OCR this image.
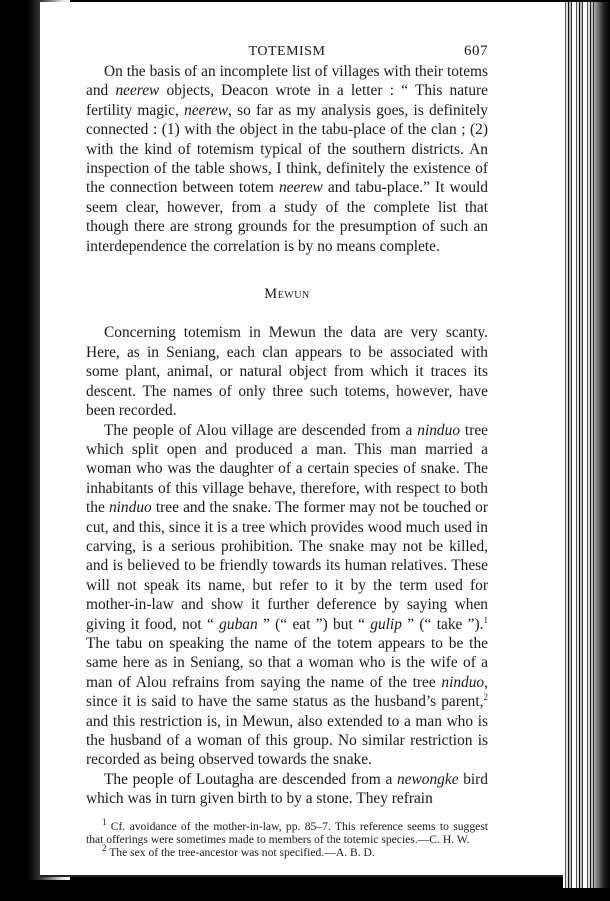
TOTEMISM	607

On the basis of an incomplete list of villages with their totems and neerew objects, Deacon wrote in a letter : “ This nature fertility magic, neerew, so far as my analysis goes, is definitely connected : (1) with the object in the tabu-place of the clan ; (2) with the kind of totemism typical of the southern districts. An inspection of the table shows, I think, definitely the existence of the connection between totem neerew and tabu-place.” It would seem clear, however, from a study of the complete list that though there are strong grounds for the presumption of such an interdependence the correlation is by no means complete.

Mewun

Concerning totemism in Mewun the data are very scanty. Here, as in Seniang, each clan appears to be associated with some plant, animal, or natural object from which it traces its descent. The names of only three such totems, however, have been recorded.

The people of Alou village are descended from a ninduo tree which split open and produced a man. This man married a woman who was the daughter of a certain species of snake. The inhabitants of this village behave, therefore, with respect to both the ninduo tree and the snake. The former may not be touched or cut, and this, since it is a tree which provides wood much used in carving, is a serious prohibition. The snake may not be killed, and is believed to be friendly towards its human relatives. These will not speak its name, but refer to it by the term used for mother-in-law and show it further deference by saying when giving it food, not “ guban ” (“ eat ”) but “ gulip ” (“ take ”).$^1$ The tabu on speaking the name of the totem appears to be the same here as in Seniang, so that a woman who is the wife of a man of Alou refrains from saying the name of the tree ninduo, since it is said to have the same status as the husband’s parent,$^2$ and this restriction is, in Mewun, also extended to a man who is the husband of a woman of this group. No similar restriction is recorded as being observed towards the snake.

The people of Loutagha are descended from a newongke bird which was in turn given birth to by a stone. They refrain

$^1$ Cf. avoidance of the mother-in-law, pp. 85–7. This reference seems to suggest that offerings were sometimes made to members of the totemic species.—C. H. W.

$^2$ The sex of the tree-ancestor was not specified.—A. B. D.
